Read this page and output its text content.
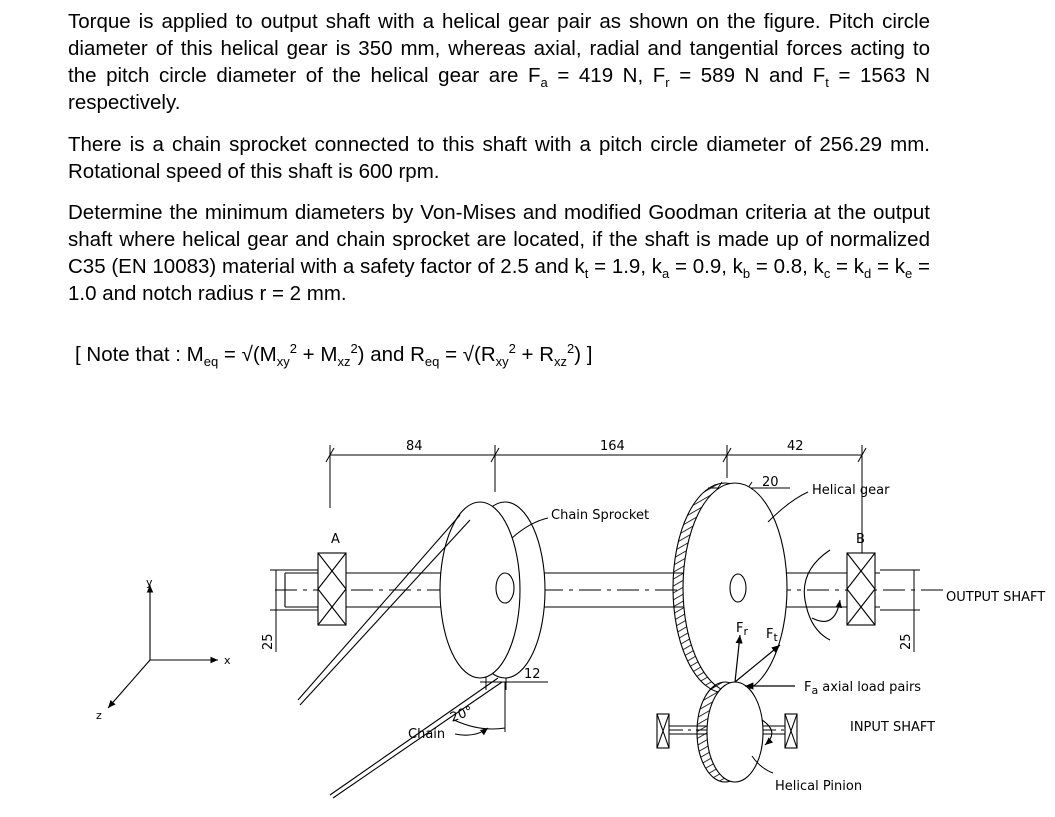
Torque is applied to output shaft with a helical gear pair as shown on the figure. Pitch circle diameter of this helical gear is 350 mm, whereas axial, radial and tangential forces acting to the pitch circle diameter of the helical gear are $F_a = 419$ N, $F_r = 589$ N and $F_t = 1563$ N respectively.
There is a chain sprocket connected to this shaft with a pitch circle diameter of 256.29 mm. Rotational speed of this shaft is 600 rpm.
Determine the minimum diameters by Von-Mises and modified Goodman criteria at the output shaft where helical gear and chain sprocket are located, if the shaft is made up of normalized C35 (EN 10083) material with a safety factor of 2.5 and $k_t = 1.9$, $k_a = 0.9$, $k_b = 0.8$, $k_c = k_d = k_e = 1.0$ and notch radius r = 2 mm.
[ Note that : $M_{eq} = √(M_{xy}^2 + M_{xz}^2)$ and $R_{eq} = √(R_{xy}^2 + R_{xz}^2)$ ]
84	164	42
20
12
25	25
20°
Helical gear
Chain Sprocket
A	B
OUTPUT SHAFT
INPUT SHAFT
Helical Pinion
Chain
$F_a$ axial load pairs
$F_r$ $F_t$
x
y
z
